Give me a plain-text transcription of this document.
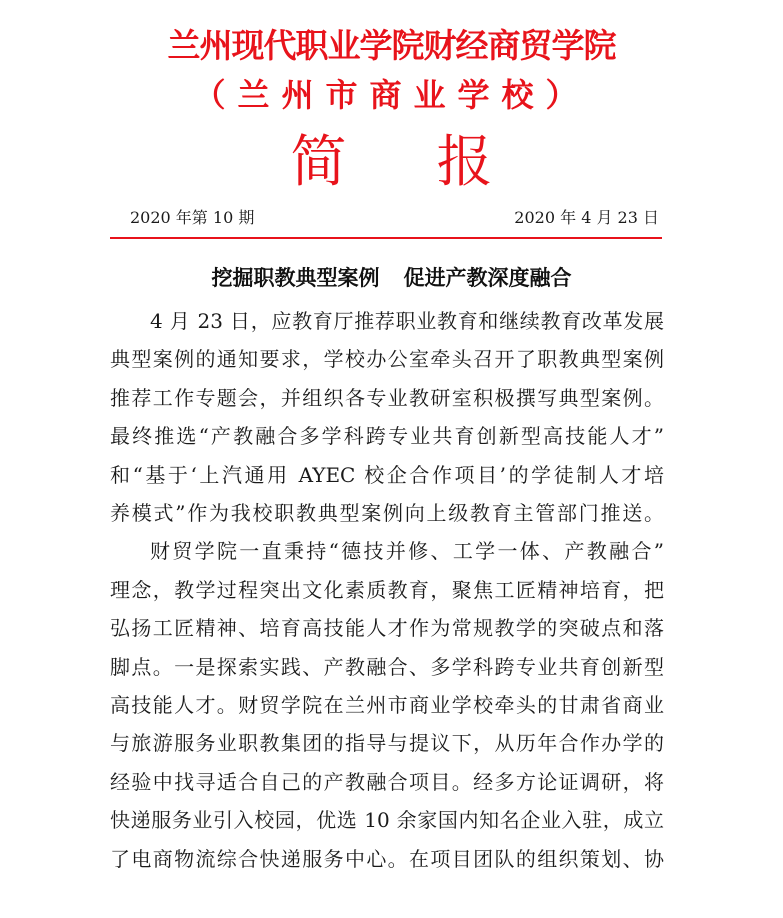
兰州现代职业学院财经商贸学院
（兰州市商业学校）
简报
2020 年第 10 期	2020 年 4 月 23 日
挖掘职教典型案例 促进产教深度融合

4 月 23 日，应教育厅推荐职业教育和继续教育改革发展

典型案例的通知要求，学校办公室牵头召开了职教典型案例

推荐工作专题会，并组织各专业教研室积极撰写典型案例。

最终推选“产教融合多学科跨专业共育创新型高技能人才”

和“基于‘上汽通用 AYEC 校企合作项目’的学徒制人才培

养模式”作为我校职教典型案例向上级教育主管部门推送。

财贸学院一直秉持“德技并修、工学一体、产教融合”

理念，教学过程突出文化素质教育，聚焦工匠精神培育，把

弘扬工匠精神、培育高技能人才作为常规教学的突破点和落

脚点。一是探索实践、产教融合、多学科跨专业共育创新型

高技能人才。财贸学院在兰州市商业学校牵头的甘肃省商业

与旅游服务业职教集团的指导与提议下，从历年合作办学的

经验中找寻适合自己的产教融合项目。经多方论证调研，将

快递服务业引入校园，优选 10 余家国内知名企业入驻，成立

了电商物流综合快递服务中心。在项目团队的组织策划、协
